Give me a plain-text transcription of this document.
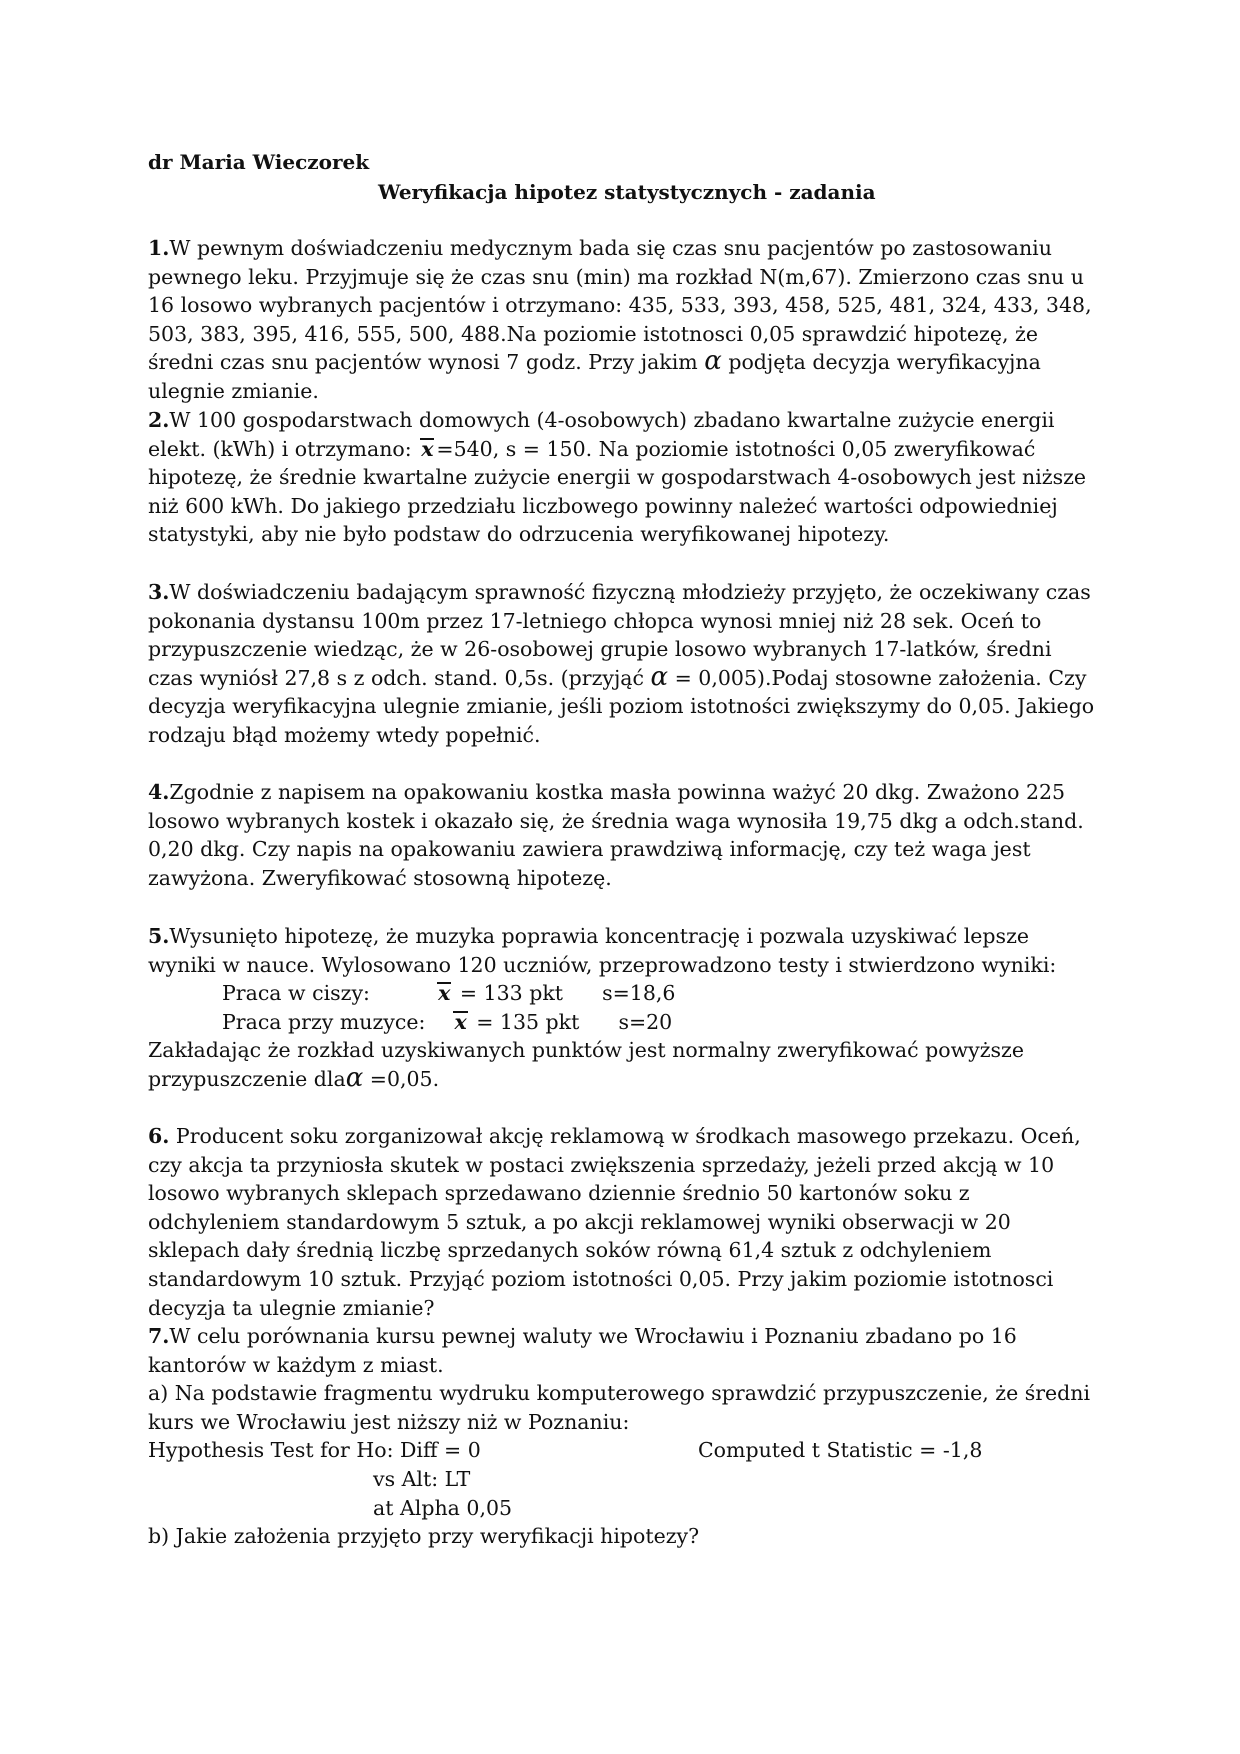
dr Maria Wieczorek
Weryfikacja hipotez statystycznych - zadania
1.W pewnym doświadczeniu medycznym bada się czas snu pacjentów po zastosowaniu pewnego leku. Przyjmuje się że czas snu (min) ma rozkład N(m,67). Zmierzono czas snu u 16 losowo wybranych pacjentów i otrzymano: 435, 533, 393, 458, 525, 481, 324, 433, 348, 503, 383, 395, 416, 555, 500, 488.Na poziomie istotnosci 0,05 sprawdzić hipotezę, że średni czas snu pacjentów wynosi 7 godz. Przy jakim α podjęta decyzja weryfikacyjna ulegnie zmianie.
2.W 100 gospodarstwach domowych (4-osobowych) zbadano kwartalne zużycie energii elekt. (kWh) i otrzymano: x =540, s = 150. Na poziomie istotności 0,05 zweryfikować hipotezę, że średnie kwartalne zużycie energii w gospodarstwach 4-osobowych jest niższe niż 600 kWh. Do jakiego przedziału liczbowego powinny należeć wartości odpowiedniej statystyki, aby nie było podstaw do odrzucenia weryfikowanej hipotezy.
3.W doświadczeniu badającym sprawność fizyczną młodzieży przyjęto, że oczekiwany czas pokonania dystansu 100m przez 17-letniego chłopca wynosi mniej niż 28 sek. Oceń to przypuszczenie wiedząc, że w 26-osobowej grupie losowo wybranych 17-latków, średni czas wyniósł 27,8 s z odch. stand. 0,5s. (przyjąć α = 0,005).Podaj stosowne założenia. Czy decyzja weryfikacyjna ulegnie zmianie, jeśli poziom istotności zwiększymy do 0,05. Jakiego rodzaju błąd możemy wtedy popełnić.
4.Zgodnie z napisem na opakowaniu kostka masła powinna ważyć 20 dkg. Zważono 225 losowo wybranych kostek i okazało się, że średnia waga wynosiła 19,75 dkg a odch.stand. 0,20 dkg. Czy napis na opakowaniu zawiera prawdziwą informację, czy też waga jest zawyżona. Zweryfikować stosowną hipotezę.
5.Wysunięto hipotezę, że muzyka poprawia koncentrację i pozwala uzyskiwać lepsze wyniki w nauce. Wylosowano 120 uczniów, przeprowadzono testy i stwierdzono wyniki:
Praca w ciszy:          x = 133 pkt      s=18,6
Praca przy muzyce:    x = 135 pkt      s=20
Zakładając że rozkład uzyskiwanych punktów jest normalny zweryfikować powyższe przypuszczenie dlaα =0,05.
6. Producent soku zorganizował akcję reklamową w środkach masowego przekazu. Oceń, czy akcja ta przyniosła skutek w postaci zwiększenia sprzedaży, jeżeli przed akcją w 10 losowo wybranych sklepach sprzedawano dziennie średnio 50 kartonów soku z odchyleniem standardowym 5 sztuk, a po akcji reklamowej wyniki obserwacji w 20 sklepach dały średnią liczbę sprzedanych soków równą 61,4 sztuk z odchyleniem standardowym 10 sztuk. Przyjąć poziom istotności 0,05. Przy jakim poziomie istotnosci decyzja ta ulegnie zmianie?
7.W celu porównania kursu pewnej waluty we Wrocławiu i Poznaniu zbadano po 16 kantorów w każdym z miast.
a) Na podstawie fragmentu wydruku komputerowego sprawdzić przypuszczenie, że średni kurs we Wrocławiu jest niższy niż w Poznaniu:
Hypothesis Test for Ho: Diff = 0	Computed t Statistic = -1,8
vs Alt: LT
at Alpha 0,05
b) Jakie założenia przyjęto przy weryfikacji hipotezy?
